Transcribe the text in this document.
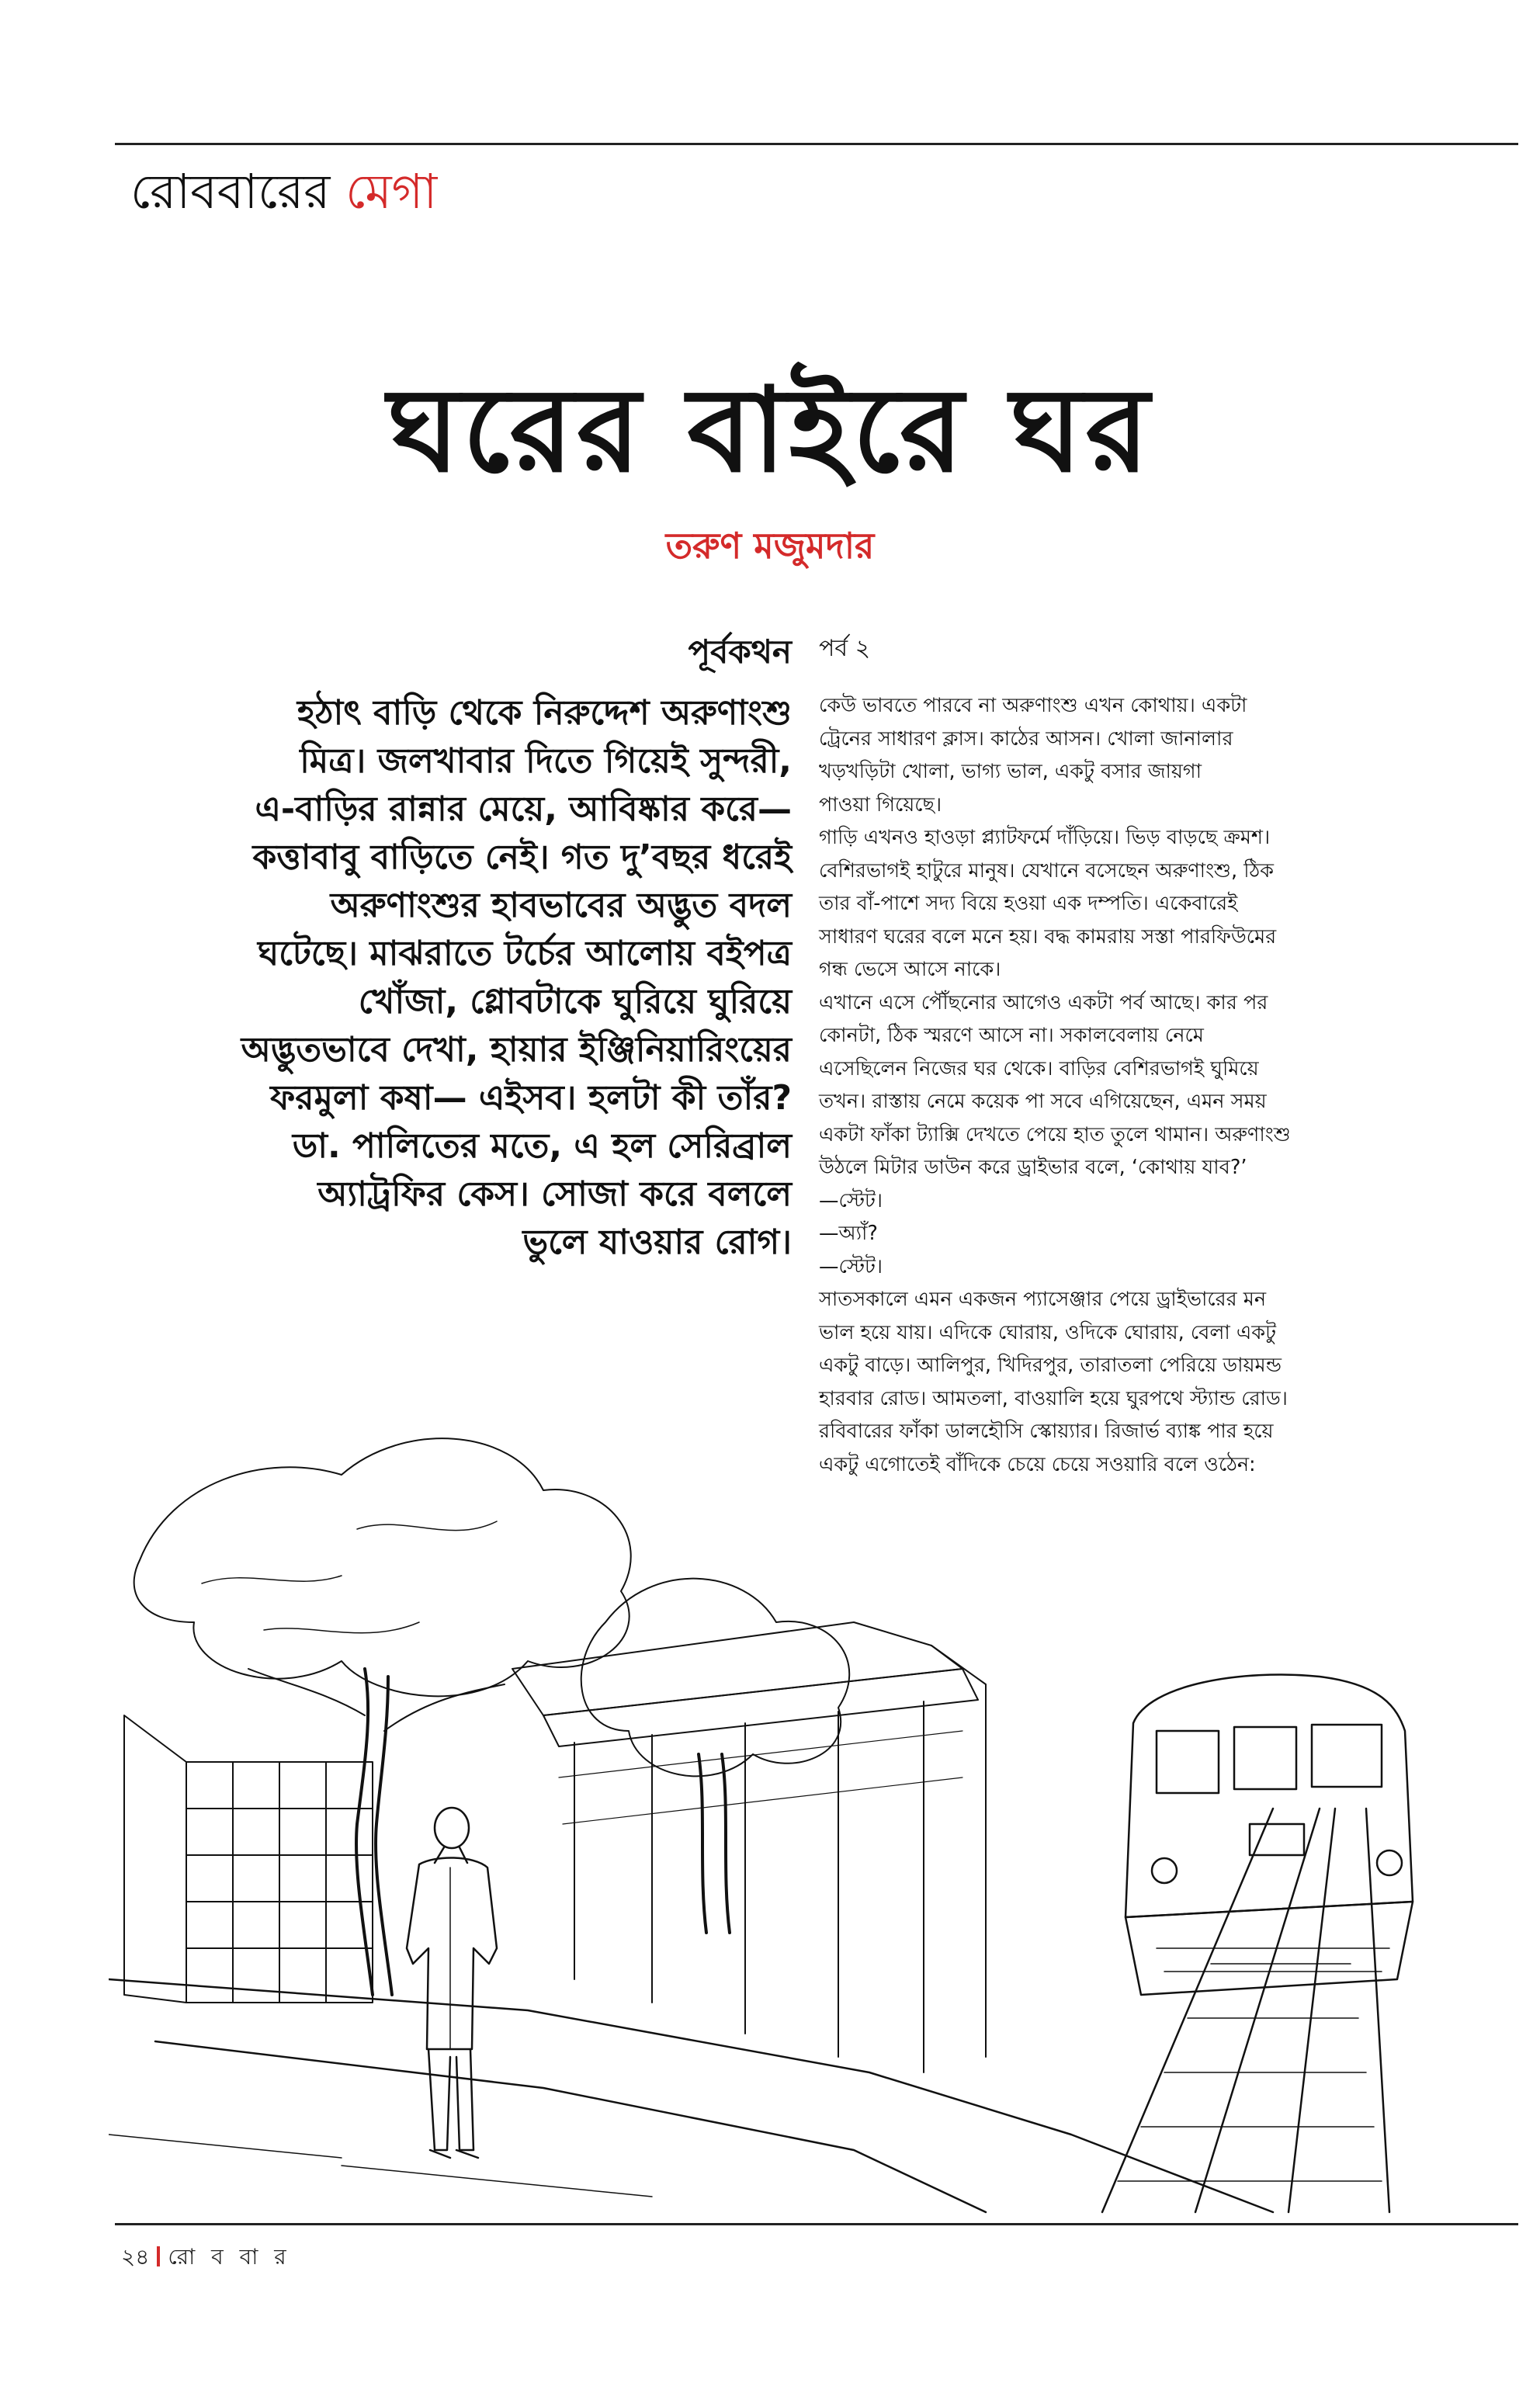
রোববারের মেগা
ঘরের বাইরে ঘর
তরুণ মজুমদার
পূর্বকথন
হঠাৎ বাড়ি থেকে নিরুদ্দেশ অরুণাংশু
মিত্র। জলখাবার দিতে গিয়েই সুন্দরী,
এ-বাড়ির রান্নার মেয়ে, আবিষ্কার করে—
কত্তাবাবু বাড়িতে নেই। গত দু’বছর ধরেই
অরুণাংশুর হাবভাবের অদ্ভুত বদল
ঘটেছে। মাঝরাতে টর্চের আলোয় বইপত্র
খোঁজা, গ্লোবটাকে ঘুরিয়ে ঘুরিয়ে
অদ্ভুতভাবে দেখা, হায়ার ইঞ্জিনিয়ারিংয়ের
ফরমুলা কষা— এইসব। হলটা কী তাঁর?
ডা. পালিতের মতে, এ হল সেরিব্রাল
অ্যাট্রফির কেস। সোজা করে বললে
ভুলে যাওয়ার রোগ।
পর্ব ২
কেউ ভাবতে পারবে না অরুণাংশু এখন কোথায়। একটা
ট্রেনের সাধারণ ক্লাস। কাঠের আসন। খোলা জানালার
খড়খড়িটা খোলা, ভাগ্য ভাল, একটু বসার জায়গা
পাওয়া গিয়েছে।
গাড়ি এখনও হাওড়া প্ল্যাটফর্মে দাঁড়িয়ে। ভিড় বাড়ছে ক্রমশ।
বেশিরভাগই হাটুরে মানুষ। যেখানে বসেছেন অরুণাংশু, ঠিক
তার বাঁ-পাশে সদ্য বিয়ে হওয়া এক দম্পতি। একেবারেই
সাধারণ ঘরের বলে মনে হয়। বদ্ধ কামরায় সস্তা পারফিউমের
গন্ধ ভেসে আসে নাকে।
এখানে এসে পৌঁছনোর আগেও একটা পর্ব আছে। কার পর
কোনটা, ঠিক স্মরণে আসে না। সকালবেলায় নেমে
এসেছিলেন নিজের ঘর থেকে। বাড়ির বেশিরভাগই ঘুমিয়ে
তখন। রাস্তায় নেমে কয়েক পা সবে এগিয়েছেন, এমন সময়
একটা ফাঁকা ট্যাক্সি দেখতে পেয়ে হাত তুলে থামান। অরুণাংশু
উঠলে মিটার ডাউন করে ড্রাইভার বলে, ‘কোথায় যাব?’
—স্টেট।
—অ্যাঁ?
—স্টেট।
সাতসকালে এমন একজন প্যাসেঞ্জার পেয়ে ড্রাইভারের মন
ভাল হয়ে যায়। এদিকে ঘোরায়, ওদিকে ঘোরায়, বেলা একটু
একটু বাড়ে। আলিপুর, খিদিরপুর, তারাতলা পেরিয়ে ডায়মন্ড
হারবার রোড। আমতলা, বাওয়ালি হয়ে ঘুরপথে স্ট্যান্ড রোড।
রবিবারের ফাঁকা ডালহৌসি স্কোয়্যার। রিজার্ভ ব্যাঙ্ক পার হয়ে
একটু এগোতেই বাঁদিকে চেয়ে চেয়ে সওয়ারি বলে ওঠেন:
২৪ রো ব বা র
